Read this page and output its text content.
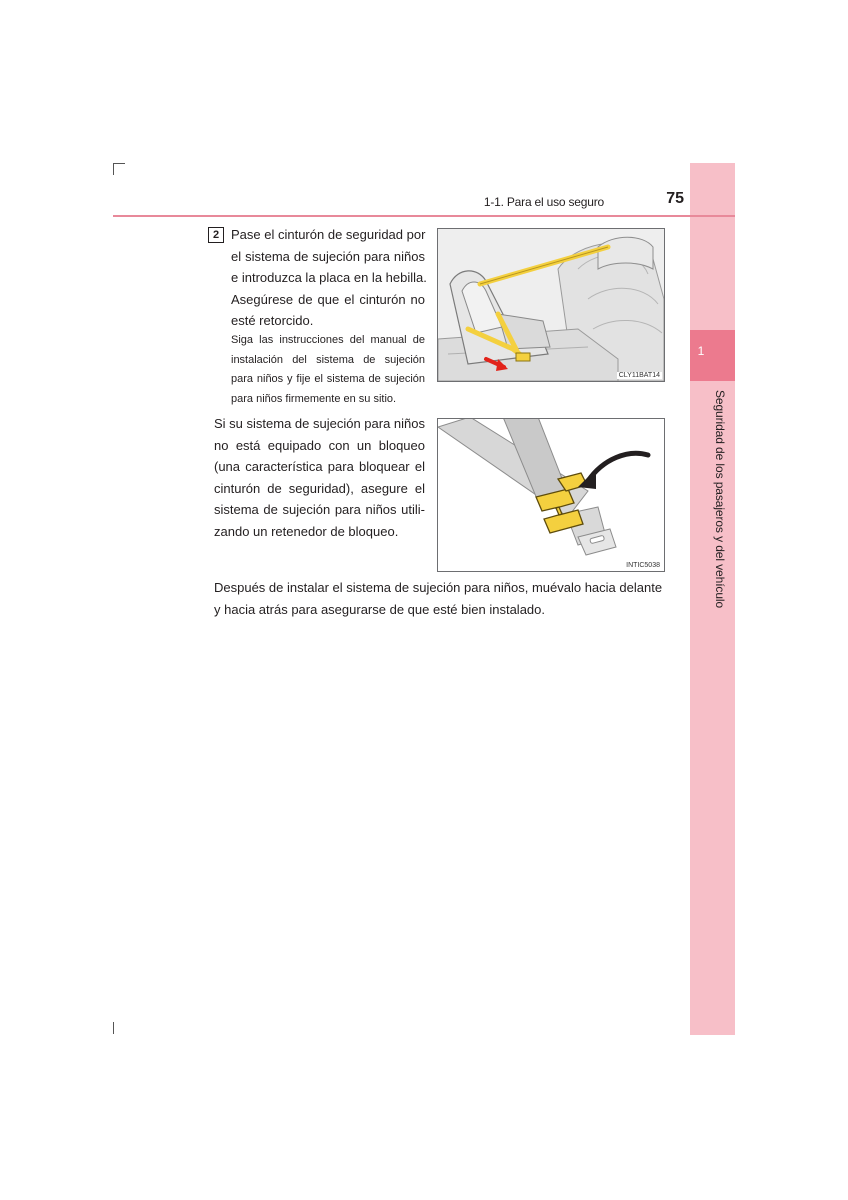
1
Seguridad de los pasajeros y del vehículo
1-1. Para el uso seguro	75
2 Pase el cinturón de seguridad por
el sistema de sujeción para niños
e introduzca la placa en la hebilla.
Asegúrese de que el cinturón no
esté retorcido.
Siga las instrucciones del manual de
instalación del sistema de sujeción
para niños y fije el sistema de sujeción
para niños firmemente en su sitio.
Si su sistema de sujeción para niños
no está equipado con un bloqueo
(una característica para bloquear el
cinturón de seguridad), asegure el
sistema de sujeción para niños utili-
zando un retenedor de bloqueo.
Después de instalar el sistema de sujeción para niños, muévalo hacia delante
y hacia atrás para asegurarse de que esté bien instalado.
CLY11BAT14
INTIC5038
